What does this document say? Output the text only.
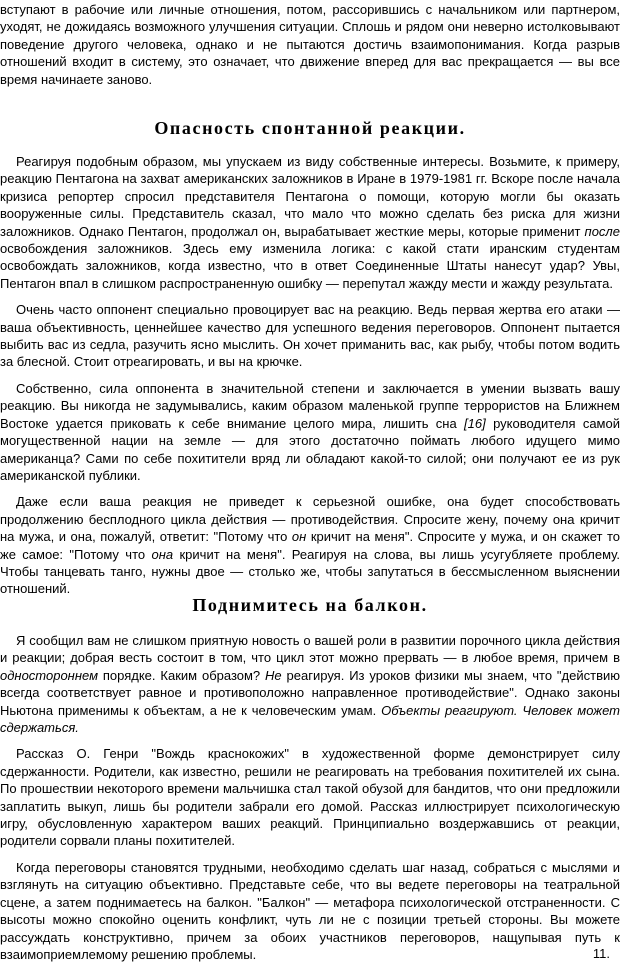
вступают в рабочие или личные отношения, потом, рассорившись с начальником или партнером, уходят, не дожидаясь возможного улучшения ситуации. Сплошь и рядом они неверно истолковывают поведение другого человека, однако и не пытаются достичь взаимопонимания. Когда разрыв отношений входит в систему, это означает, что движение вперед для вас прекращается — вы все время начинаете заново.

Опасность спонтанной реакции.

Реагируя подобным образом, мы упускаем из виду собственные интересы. Возьмите, к примеру, реакцию Пентагона на захват американских заложников в Иране в 1979-1981 гг. Вскоре после начала кризиса репортер спросил представителя Пентагона о помощи, которую могли бы оказать вооруженные силы. Представитель сказал, что мало что можно сделать без риска для жизни заложников. Однако Пентагон, продолжал он, вырабатывает жесткие меры, которые применит после освобождения заложников. Здесь ему изменила логика: с какой стати иранским студентам освобождать заложников, когда известно, что в ответ Соединенные Штаты нанесут удар? Увы, Пентагон впал в слишком распространенную ошибку — перепутал жажду мести и жажду результата.

Очень часто оппонент специально провоцирует вас на реакцию. Ведь первая жертва его атаки — ваша объективность, ценнейшее качество для успешного ведения переговоров. Оппонент пытается выбить вас из седла, разучить ясно мыслить. Он хочет приманить вас, как рыбу, чтобы потом водить за блесной. Стоит отреагировать, и вы на крючке.

Собственно, сила оппонента в значительной степени и заключается в умении вызвать вашу реакцию. Вы никогда не задумывались, каким образом маленькой группе террористов на Ближнем Востоке удается приковать к себе внимание целого мира, лишить сна [16] руководителя самой могущественной нации на земле — для этого достаточно поймать любого идущего мимо американца? Сами по себе похитители вряд ли обладают какой-то силой; они получают ее из рук американской публики.

Даже если ваша реакция не приведет к серьезной ошибке, она будет способствовать продолжению бесплодного цикла действия — противодействия. Спросите жену, почему она кричит на мужа, и она, пожалуй, ответит: "Потому что он кричит на меня". Спросите у мужа, и он скажет то же самое: "Потому что она кричит на меня". Реагируя на слова, вы лишь усугубляете проблему. Чтобы танцевать танго, нужны двое — столько же, чтобы запутаться в бессмысленном выяснении отношений.

Поднимитесь на балкон.

Я сообщил вам не слишком приятную новость о вашей роли в развитии порочного цикла действия и реакции; добрая весть состоит в том, что цикл этот можно прервать — в любое время, причем в одностороннем порядке. Каким образом? Не реагируя. Из уроков физики мы знаем, что "действию всегда соответствует равное и противоположно направленное противодействие". Однако законы Ньютона применимы к объектам, а не к человеческим умам. Объекты реагируют. Человек может сдержаться.

Рассказ О. Генри "Вождь краснокожих" в художественной форме демонстрирует силу сдержанности. Родители, как известно, решили не реагировать на требования похитителей их сына. По прошествии некоторого времени мальчишка стал такой обузой для бандитов, что они предложили заплатить выкуп, лишь бы родители забрали его домой. Рассказ иллюстрирует психологическую игру, обусловленную характером ваших реакций. Принципиально воздержавшись от реакции, родители сорвали планы похитителей.

Когда переговоры становятся трудными, необходимо сделать шаг назад, собраться с мыслями и взглянуть на ситуацию объективно. Представьте себе, что вы ведете переговоры на театральной сцене, а затем поднимаетесь на балкон. "Балкон" — метафора психологической отстраненности. С высоты можно спокойно оценить конфликт, чуть ли не с позиции третьей стороны. Вы можете рассуждать конструктивно, причем за обоих участников переговоров, нащупывая путь к взаимоприемлемому решению проблемы.	11.
